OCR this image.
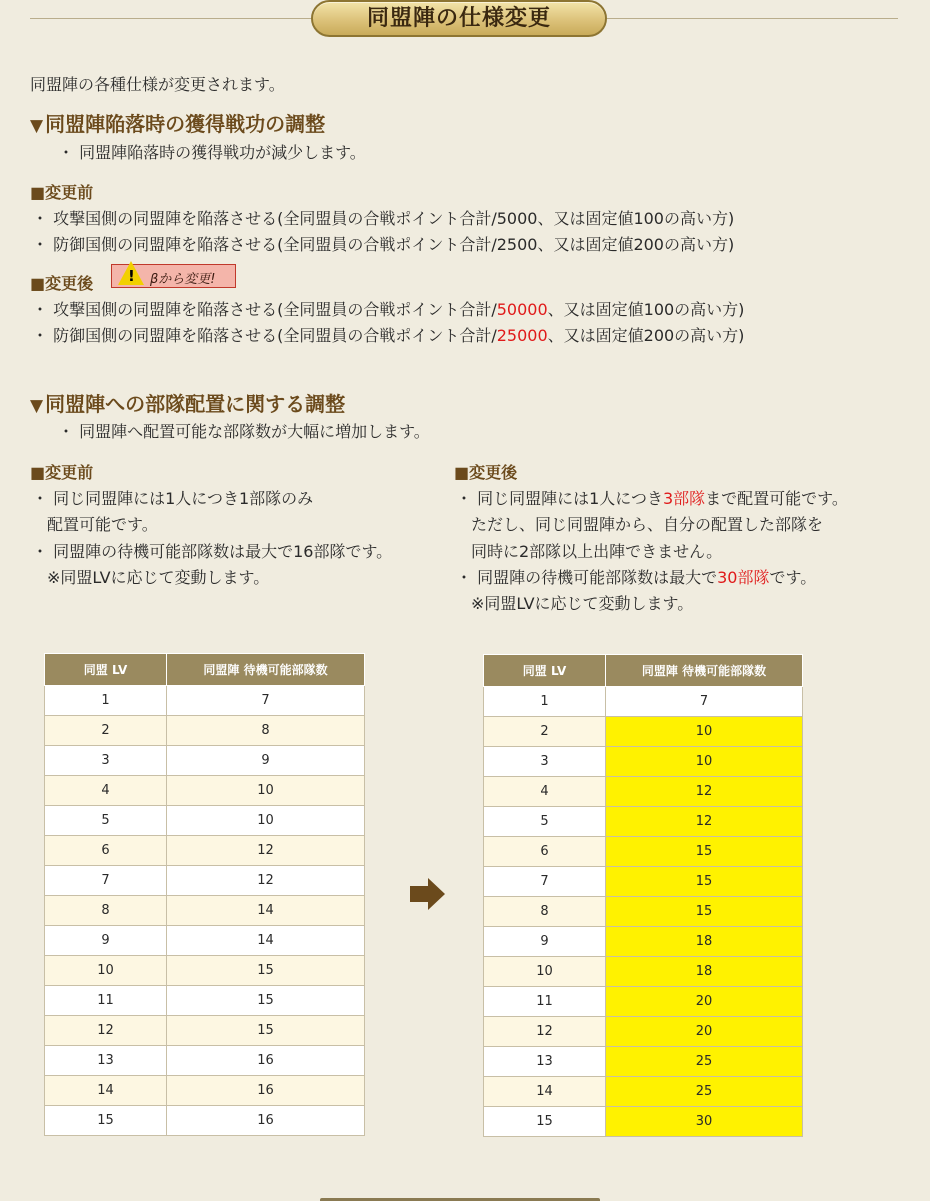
同盟陣の仕様変更
同盟陣の各種仕様が変更されます。
▼ 同盟陣陥落時の獲得戦功の調整
・ 同盟陣陥落時の獲得戦功が減少します。
■変更前
・ 攻撃国側の同盟陣を陥落させる(全同盟員の合戦ポイント合計/5000、又は固定値100の高い方)
・ 防御国側の同盟陣を陥落させる(全同盟員の合戦ポイント合計/2500、又は固定値200の高い方)
■変更後 ! βから変更!
・ 攻撃国側の同盟陣を陥落させる(全同盟員の合戦ポイント合計/50000、又は固定値100の高い方)
・ 防御国側の同盟陣を陥落させる(全同盟員の合戦ポイント合計/25000、又は固定値200の高い方)
▼ 同盟陣への部隊配置に関する調整
・ 同盟陣へ配置可能な部隊数が大幅に増加します。
■変更前
・ 同じ同盟陣には1人につき1部隊のみ
配置可能です。
・ 同盟陣の待機可能部隊数は最大で16部隊です。
※同盟LVに応じて変動します。
■変更後
・ 同じ同盟陣には1人につき3部隊まで配置可能です。
ただし、同じ同盟陣から、自分の配置した部隊を
同時に2部隊以上出陣できません。
・ 同盟陣の待機可能部隊数は最大で30部隊です。
※同盟LVに応じて変動します。
同盟 LV	同盟陣 待機可能部隊数
1	7
2	8
3	9
4	10
5	10
6	12
7	12
8	14
9	14
10	15
11	15
12	15
13	16
14	16
15	16
同盟 LV	同盟陣 待機可能部隊数
1	7
2	10
3	10
4	12
5	12
6	15
7	15
8	15
9	18
10	18
11	20
12	20
13	25
14	25
15	30
